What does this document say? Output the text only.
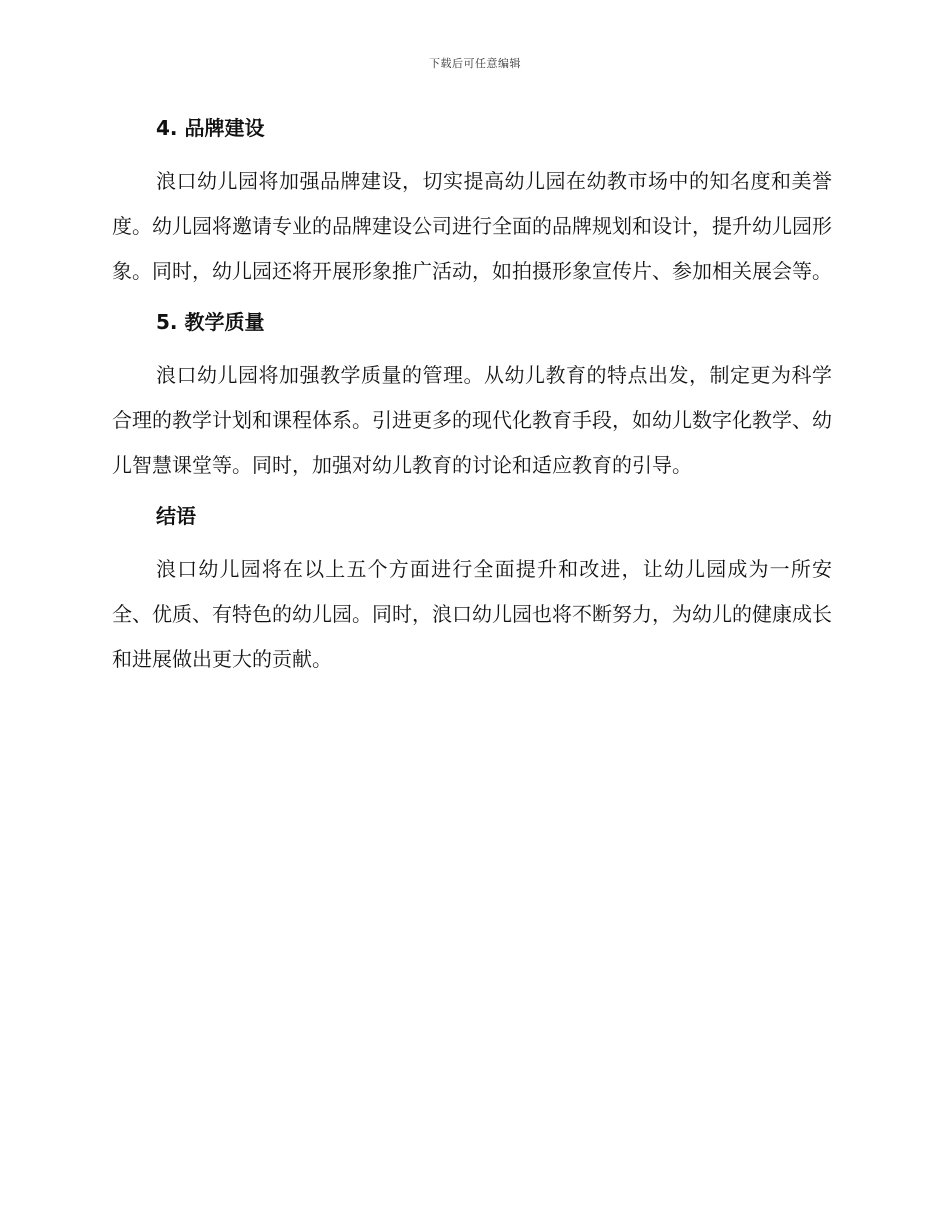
下载后可任意编辑
4. 品牌建设

浪口幼儿园将加强品牌建设，切实提高幼儿园在幼教市场中的知名度和美誉度。幼儿园将邀请专业的品牌建设公司进行全面的品牌规划和设计，提升幼儿园形象。同时，幼儿园还将开展形象推广活动，如拍摄形象宣传片、参加相关展会等。

5. 教学质量

浪口幼儿园将加强教学质量的管理。从幼儿教育的特点出发，制定更为科学合理的教学计划和课程体系。引进更多的现代化教育手段，如幼儿数字化教学、幼儿智慧课堂等。同时，加强对幼儿教育的讨论和适应教育的引导。

结语

浪口幼儿园将在以上五个方面进行全面提升和改进，让幼儿园成为一所安全、优质、有特色的幼儿园。同时，浪口幼儿园也将不断努力，为幼儿的健康成长和进展做出更大的贡献。
